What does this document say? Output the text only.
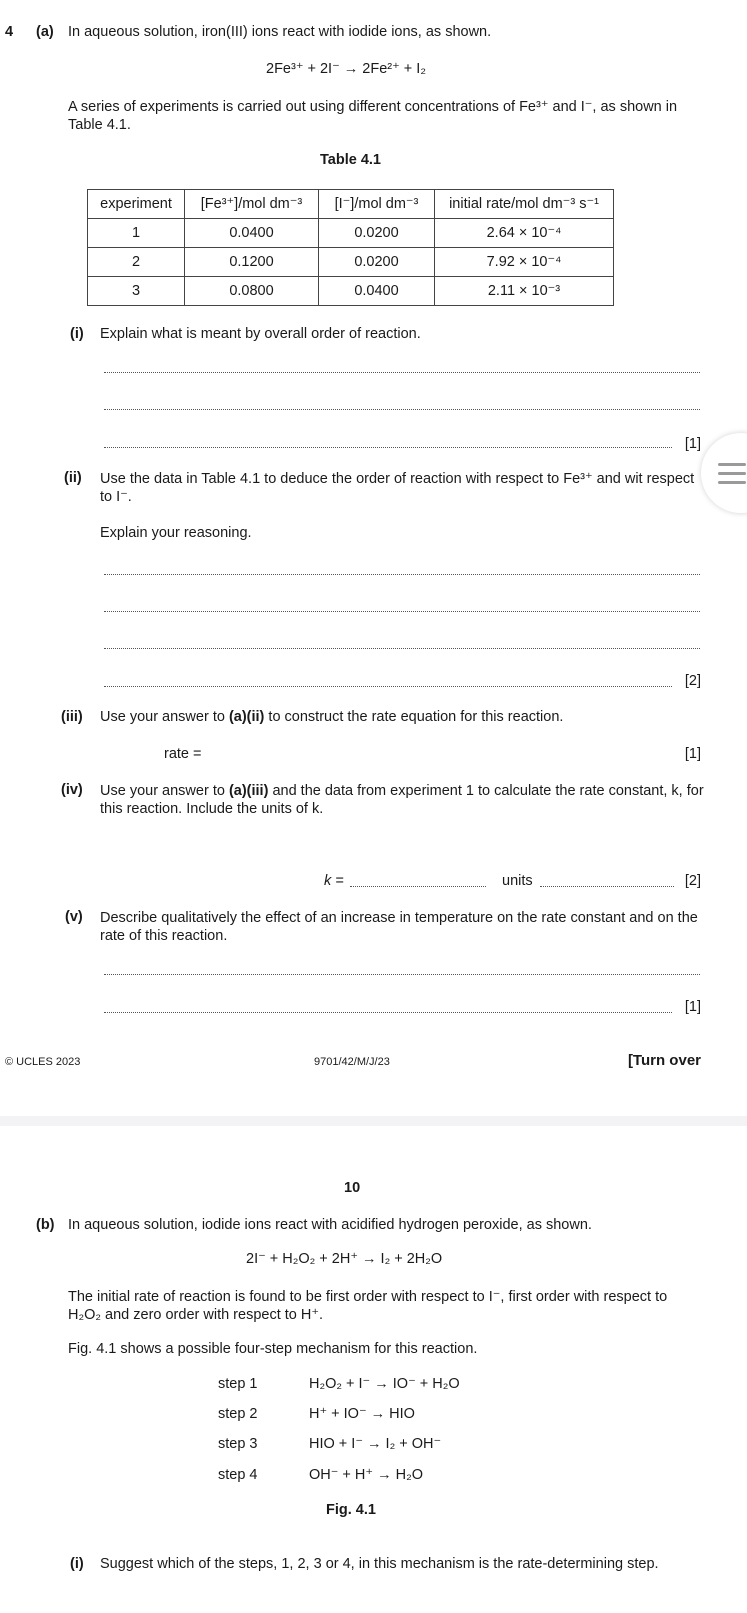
4 (a) In aqueous solution, iron(III) ions react with iodide ions, as shown.
2Fe³⁺ + 2I⁻ → 2Fe²⁺ + I₂
A series of experiments is carried out using different concentrations of Fe³⁺ and I⁻, as shown in Table 4.1.
Table 4.1
experiment	[Fe³⁺]/mol dm⁻³	[I⁻]/mol dm⁻³	initial rate/mol dm⁻³ s⁻¹
1	0.0400	0.0200	2.64 × 10⁻⁴
2	0.1200	0.0200	7.92 × 10⁻⁴
3	0.0800	0.0400	2.11 × 10⁻³
(i) Explain what is meant by overall order of reaction.
[1]
(ii) Use the data in Table 4.1 to deduce the order of reaction with respect to Fe³⁺ and wit respect to I⁻.
Explain your reasoning.
[2]
(iii) Use your answer to (a)(ii) to construct the rate equation for this reaction.
rate =	[1]
(iv) Use your answer to (a)(iii) and the data from experiment 1 to calculate the rate constant, k, for this reaction. Include the units of k.
k =	units	[2]
(v) Describe qualitatively the effect of an increase in temperature on the rate constant and on the rate of this reaction.
[1]
© UCLES 2023	9701/42/M/J/23	[Turn over
10
(b) In aqueous solution, iodide ions react with acidified hydrogen peroxide, as shown.
2I⁻ + H₂O₂ + 2H⁺ → I₂ + 2H₂O
The initial rate of reaction is found to be first order with respect to I⁻, first order with respect to H₂O₂ and zero order with respect to H⁺.
Fig. 4.1 shows a possible four-step mechanism for this reaction.
step 1	H₂O₂ + I⁻ → IO⁻ + H₂O
step 2	H⁺ + IO⁻ → HIO
step 3	HIO + I⁻ → I₂ + OH⁻
step 4	OH⁻ + H⁺ → H₂O
Fig. 4.1
(i) Suggest which of the steps, 1, 2, 3 or 4, in this mechanism is the rate-determining step.
